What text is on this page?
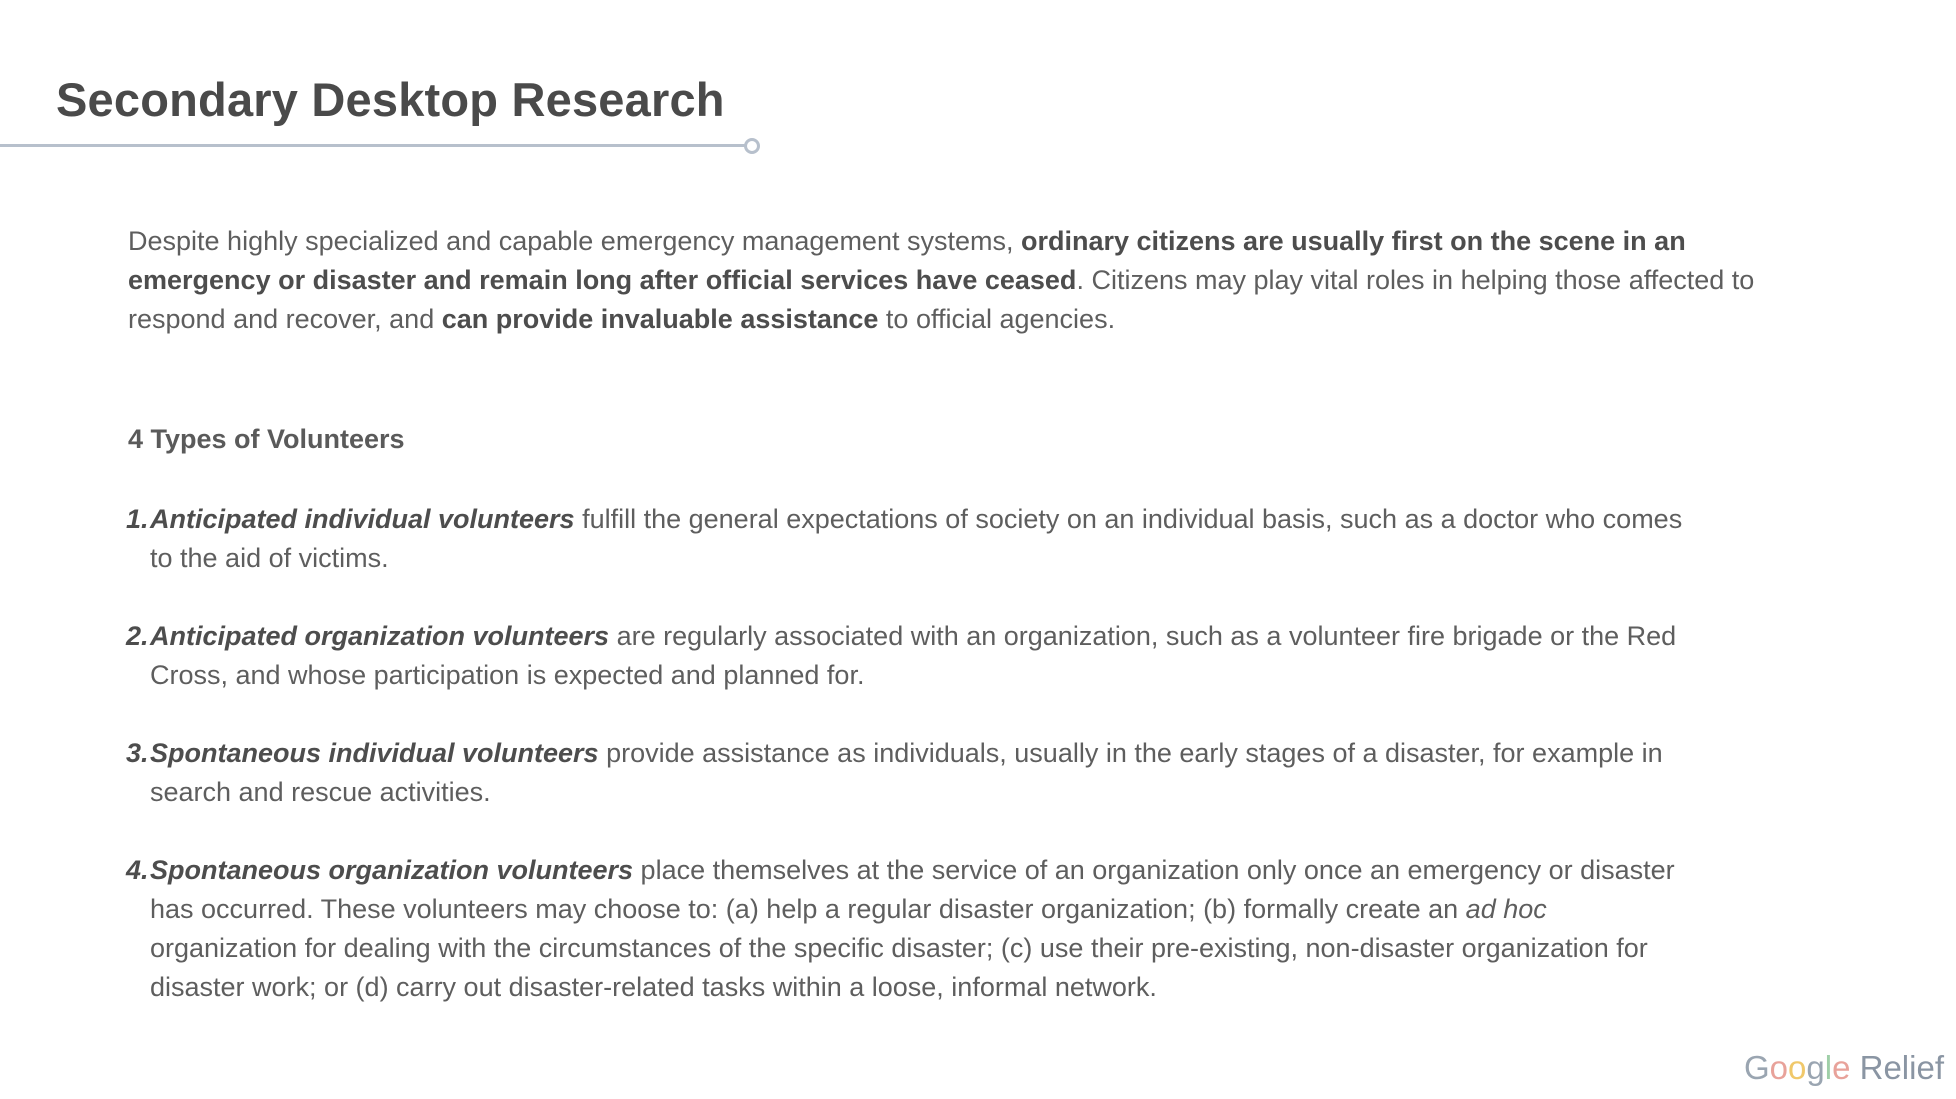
Secondary Desktop Research

Despite highly specialized and capable emergency management systems, ordinary citizens are usually first on the scene in an emergency or disaster and remain long after official services have ceased. Citizens may play vital roles in helping those affected to respond and recover, and can provide invaluable assistance to official agencies.

4 Types of Volunteers
1. Anticipated individual volunteers fulfill the general expectations of society on an individual basis, such as a doctor who comes to the aid of victims.
2. Anticipated organization volunteers are regularly associated with an organization, such as a volunteer fire brigade or the Red Cross, and whose participation is expected and planned for.
3. Spontaneous individual volunteers provide assistance as individuals, usually in the early stages of a disaster, for example in search and rescue activities.
4. Spontaneous organization volunteers place themselves at the service of an organization only once an emergency or disaster has occurred. These volunteers may choose to: (a) help a regular disaster organization; (b) formally create an ad hoc organization for dealing with the circumstances of the specific disaster; (c) use their pre-existing, non-disaster organization for disaster work; or (d) carry out disaster-related tasks within a loose, informal network.
Google Relief
